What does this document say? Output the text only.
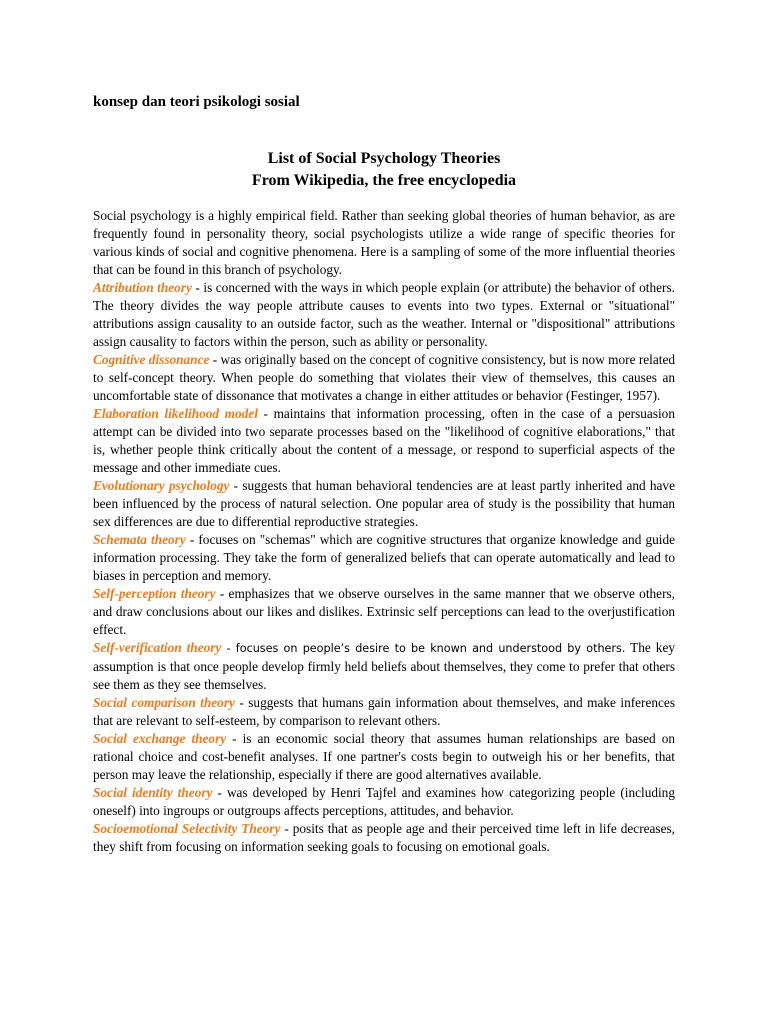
konsep dan teori psikologi sosial

List of Social Psychology Theories
From Wikipedia, the free encyclopedia

Social psychology is a highly empirical field. Rather than seeking global theories of human behavior, as are frequently found in personality theory, social psychologists utilize a wide range of specific theories for various kinds of social and cognitive phenomena. Here is a sampling of some of the more influential theories that can be found in this branch of psychology.

Attribution theory - is concerned with the ways in which people explain (or attribute) the behavior of others. The theory divides the way people attribute causes to events into two types. External or "situational" attributions assign causality to an outside factor, such as the weather. Internal or "dispositional" attributions assign causality to factors within the person, such as ability or personality.

Cognitive dissonance - was originally based on the concept of cognitive consistency, but is now more related to self-concept theory. When people do something that violates their view of themselves, this causes an uncomfortable state of dissonance that motivates a change in either attitudes or behavior (Festinger, 1957).

Elaboration likelihood model - maintains that information processing, often in the case of a persuasion attempt can be divided into two separate processes based on the "likelihood of cognitive elaborations," that is, whether people think critically about the content of a message, or respond to superficial aspects of the message and other immediate cues.

Evolutionary psychology - suggests that human behavioral tendencies are at least partly inherited and have been influenced by the process of natural selection. One popular area of study is the possibility that human sex differences are due to differential reproductive strategies.

Schemata theory - focuses on "schemas" which are cognitive structures that organize knowledge and guide information processing. They take the form of generalized beliefs that can operate automatically and lead to biases in perception and memory.

Self-perception theory - emphasizes that we observe ourselves in the same manner that we observe others, and draw conclusions about our likes and dislikes. Extrinsic self perceptions can lead to the overjustification effect.

Self-verification theory - focuses on people’s desire to be known and understood by others. The key assumption is that once people develop firmly held beliefs about themselves, they come to prefer that others see them as they see themselves.

Social comparison theory - suggests that humans gain information about themselves, and make inferences that are relevant to self-esteem, by comparison to relevant others.

Social exchange theory - is an economic social theory that assumes human relationships are based on rational choice and cost-benefit analyses. If one partner's costs begin to outweigh his or her benefits, that person may leave the relationship, especially if there are good alternatives available.

Social identity theory - was developed by Henri Tajfel and examines how categorizing people (including oneself) into ingroups or outgroups affects perceptions, attitudes, and behavior.

Socioemotional Selectivity Theory - posits that as people age and their perceived time left in life decreases, they shift from focusing on information seeking goals to focusing on emotional goals.
